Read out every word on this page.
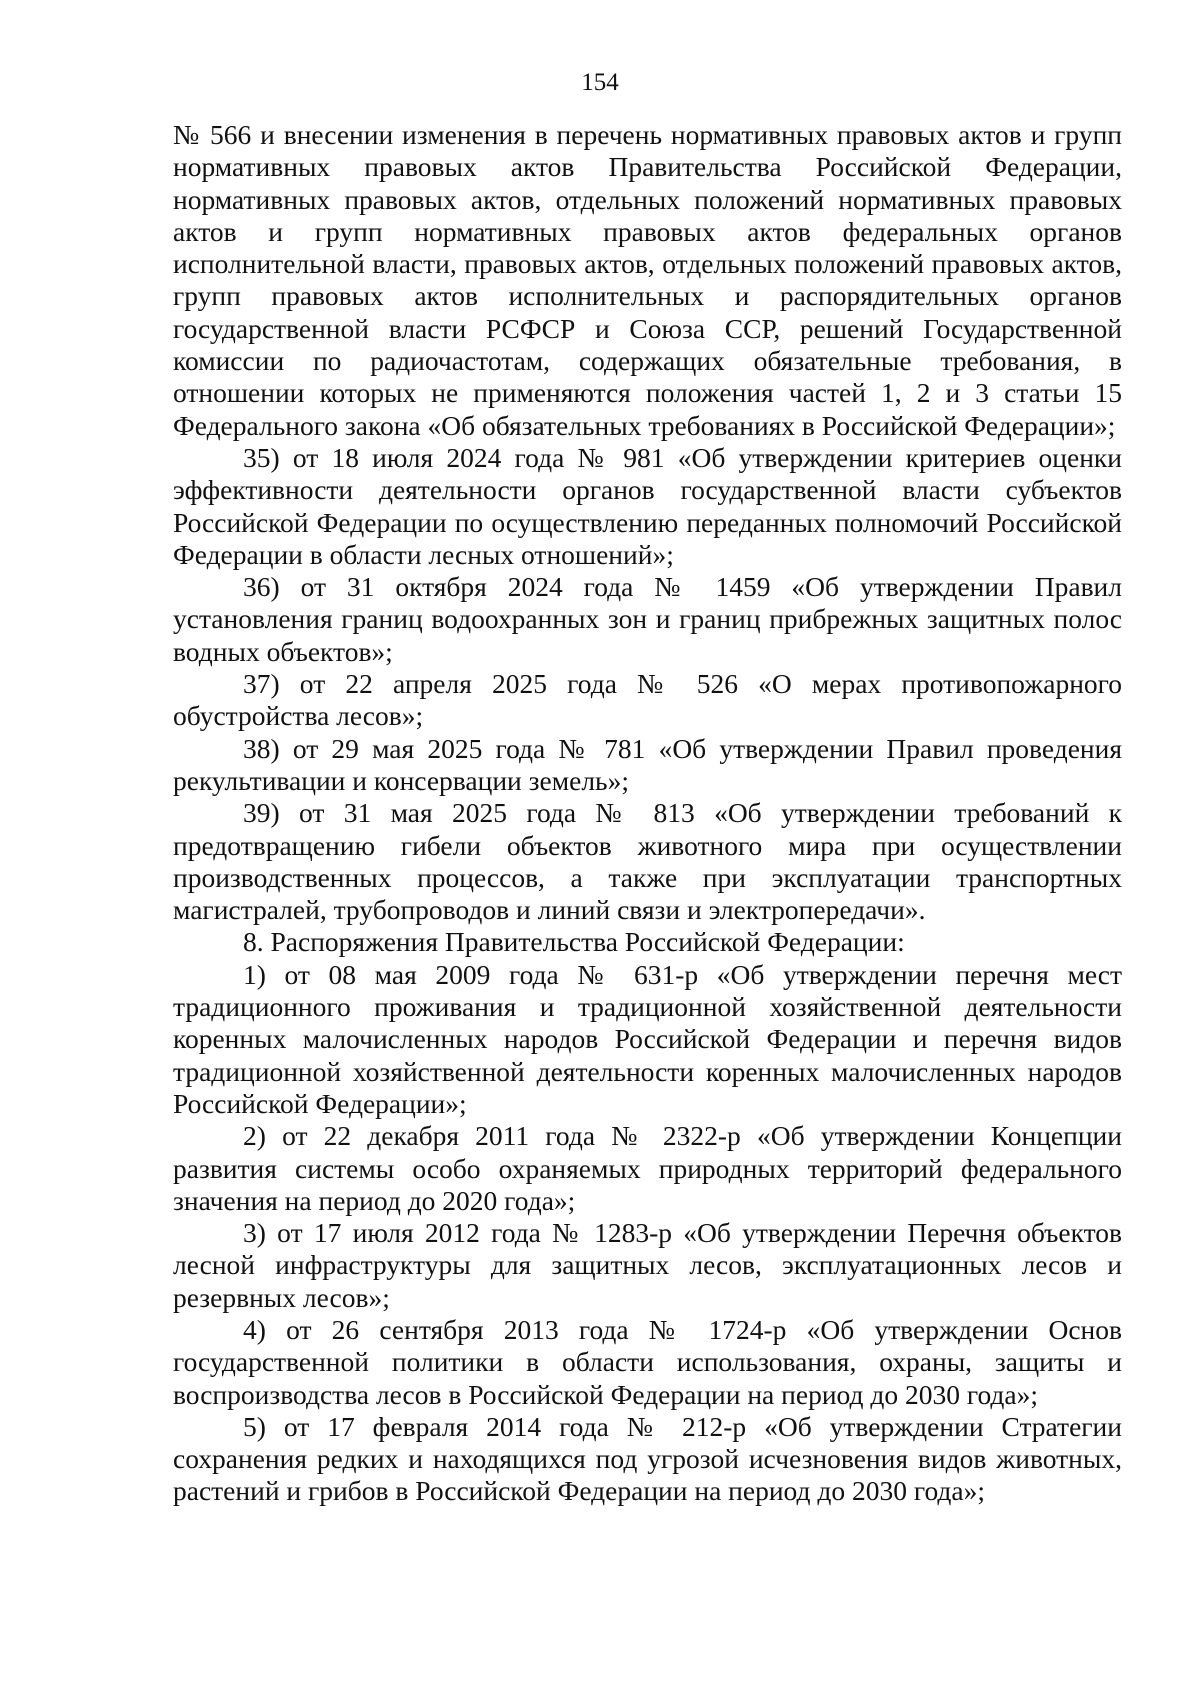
154

№ 566 и внесении изменения в перечень нормативных правовых актов и групп нормативных правовых актов Правительства Российской Федерации, нормативных правовых актов, отдельных положений нормативных правовых актов и групп нормативных правовых актов федеральных органов исполнительной власти, правовых актов, отдельных положений правовых актов, групп правовых актов исполнительных и распорядительных органов государственной власти РСФСР и Союза ССР, решений Государственной комиссии по радиочастотам, содержащих обязательные требования, в отношении которых не применяются положения частей 1, 2 и 3 статьи 15 Федерального закона «Об обязательных требованиях в Российской Федерации»;

35) от 18 июля 2024 года № 981 «Об утверждении критериев оценки эффективности деятельности органов государственной власти субъектов Российской Федерации по осуществлению переданных полномочий Российской Федерации в области лесных отношений»;

36) от 31 октября 2024 года № 1459 «Об утверждении Правил установления границ водоохранных зон и границ прибрежных защитных полос водных объектов»;

37) от 22 апреля 2025 года № 526 «О мерах противопожарного обустройства лесов»;

38) от 29 мая 2025 года № 781 «Об утверждении Правил проведения рекультивации и консервации земель»;

39) от 31 мая 2025 года № 813 «Об утверждении требований к предотвращению гибели объектов животного мира при осуществлении производственных процессов, а также при эксплуатации транспортных магистралей, трубопроводов и линий связи и электропередачи».

8. Распоряжения Правительства Российской Федерации:

1) от 08 мая 2009 года № 631-р «Об утверждении перечня мест традиционного проживания и традиционной хозяйственной деятельности коренных малочисленных народов Российской Федерации и перечня видов традиционной хозяйственной деятельности коренных малочисленных народов Российской Федерации»;

2) от 22 декабря 2011 года № 2322-р «Об утверждении Концепции развития системы особо охраняемых природных территорий федерального значения на период до 2020 года»;

3) от 17 июля 2012 года № 1283-р «Об утверждении Перечня объектов лесной инфраструктуры для защитных лесов, эксплуатационных лесов и резервных лесов»;

4) от 26 сентября 2013 года № 1724-р «Об утверждении Основ государственной политики в области использования, охраны, защиты и воспроизводства лесов в Российской Федерации на период до 2030 года»;

5) от 17 февраля 2014 года № 212-р «Об утверждении Стратегии сохранения редких и находящихся под угрозой исчезновения видов животных, растений и грибов в Российской Федерации на период до 2030 года»;
